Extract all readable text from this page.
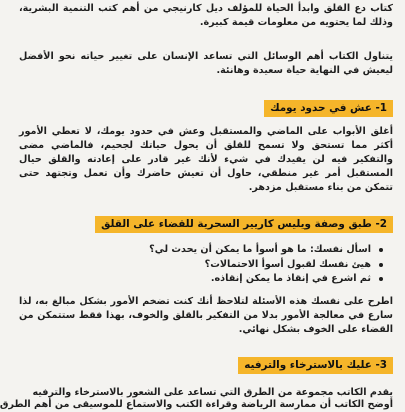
كتاب دع القلق وابدأ الحياة للمؤلف ديل كارنيجي من أهم كتب التنمية البشرية، وذلك لما يحتويه من معلومات قيمة كبيرة.

يتناول الكتاب أهم الوسائل التي تساعد الإنسان على تغيير حياته نحو الأفضل ليعيش في النهاية حياة سعيدة وهانئة.

1- عش في حدود يومك

أغلق الأبواب على الماضي والمستقبل وعش في حدود يومك، لا تعطي الأمور أكثر مما تستحق ولا تسمح للقلق أن يحول حياتك لجحيم، فالماضي مضى والتفكير فيه لن يفيدك في شيء لأنك غير قادر على إعادته والقلق حيال المستقبل أمر غير منطقي، حاول أن تعيش حاضرك وأن تعمل وتجتهد حتى تتمكن من بناء مستقبل مزدهر.

2- طبق وصفة ويليس كاريير السحرية للقضاء على القلق
اسأل نفسك: ما هو أسوأ ما يمكن أن يحدث لي؟
هيئ نفسك لقبول أسوأ الاحتمالات؟
ثم اشرع في إنقاذ ما يمكن إنقاذه.

اطرح على نفسك هذه الأسئلة لتلاحظ أنك كنت تضخم الأمور بشكل مبالغ به، لذا سارع في معالجة الأمور بدلا من التفكير بالقلق والخوف، بهذا فقط ستتمكن من القضاء على الخوف بشكل نهائي.

3- عليك بالاسترخاء والترفيه

يقدم الكاتب مجموعة من الطرق التي تساعد على الشعور بالاسترخاء والترفيه

أوضح الكاتب أن ممارسة الرياضة وقراءة الكتب والاستماع للموسيقى من أهم الطرق
